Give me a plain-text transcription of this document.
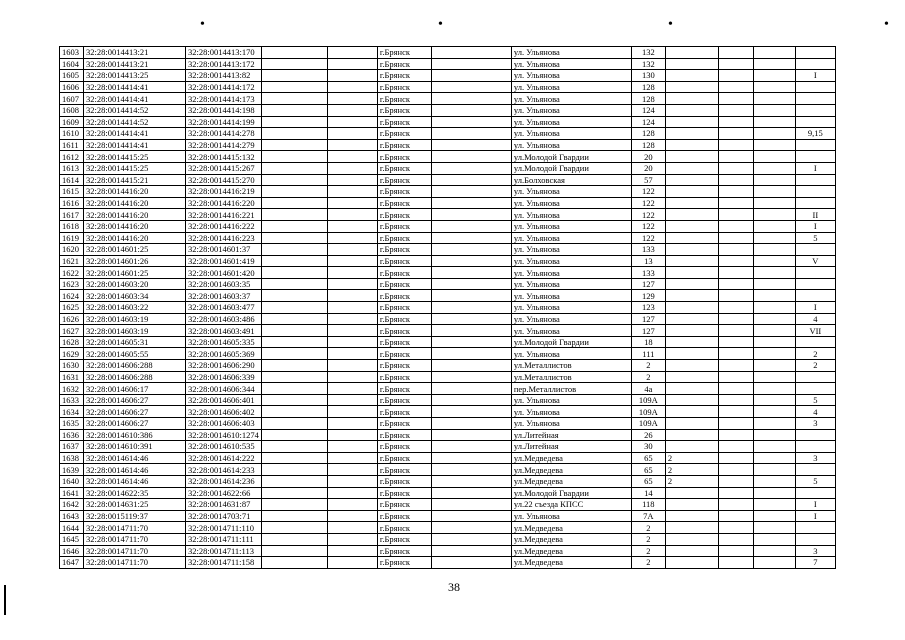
•	•	•	•
1603	32:28:0014413:21	32:28:0014413:170			г.Брянск		ул. Ульянова	132				
1604	32:28:0014413:21	32:28:0014413:172			г.Брянск		ул. Ульянова	132				
1605	32:28:0014413:25	32:28:0014413:82			г.Брянск		ул. Ульянова	130				I
1606	32:28:0014414:41	32:28:0014414:172			г.Брянск		ул. Ульянова	128				
1607	32:28:0014414:41	32:28:0014414:173			г.Брянск		ул. Ульянова	128				
1608	32:28:0014414:52	32:28:0014414:198			г.Брянск		ул. Ульянова	124				
1609	32:28:0014414:52	32:28:0014414:199			г.Брянск		ул. Ульянова	124				
1610	32:28:0014414:41	32:28:0014414:278			г.Брянск		ул. Ульянова	128				9,15
1611	32:28:0014414:41	32:28:0014414:279			г.Брянск		ул. Ульянова	128				
1612	32:28:0014415:25	32:28:0014415:132			г.Брянск		ул.Молодой Гвардии	20				
1613	32:28:0014415:25	32:28:0014415:267			г.Брянск		ул.Молодой Гвардии	20				I
1614	32:28:0014415:21	32:28:0014415:270			г.Брянск		ул.Болховская	57				
1615	32:28:0014416:20	32:28:0014416:219			г.Брянск		ул. Ульянова	122				
1616	32:28:0014416:20	32:28:0014416:220			г.Брянск		ул. Ульянова	122				
1617	32:28:0014416:20	32:28:0014416:221			г.Брянск		ул. Ульянова	122				II
1618	32:28:0014416:20	32:28:0014416:222			г.Брянск		ул. Ульянова	122				I
1619	32:28:0014416:20	32:28:0014416:223			г.Брянск		ул. Ульянова	122				5
1620	32:28:0014601:25	32:28:0014601:37			г.Брянск		ул. Ульянова	133				
1621	32:28:0014601:26	32:28:0014601:419			г.Брянск		ул. Ульянова	13				V
1622	32:28:0014601:25	32:28:0014601:420			г.Брянск		ул. Ульянова	133				
1623	32:28:0014603:20	32:28:0014603:35			г.Брянск		ул. Ульянова	127				
1624	32:28:0014603:34	32:28:0014603:37			г.Брянск		ул. Ульянова	129				
1625	32:28:0014603:22	32:28:0014603:477			г.Брянск		ул. Ульянова	123				I
1626	32:28:0014603:19	32:28:0014603:486			г.Брянск		ул. Ульянова	127				4
1627	32:28:0014603:19	32:28:0014603:491			г.Брянск		ул. Ульянова	127				VII
1628	32:28:0014605:31	32:28:0014605:335			г.Брянск		ул.Молодой Гвардии	18				
1629	32:28:0014605:55	32:28:0014605:369			г.Брянск		ул. Ульянова	111				2
1630	32:28:0014606:288	32:28:0014606:290			г.Брянск		ул.Металлистов	2				2
1631	32:28:0014606:288	32:28:0014606:339			г.Брянск		ул.Металлистов	2				
1632	32:28:0014606:17	32:28:0014606:344			г.Брянск		пер.Металлистов	4а				
1633	32:28:0014606:27	32:28:0014606:401			г.Брянск		ул. Ульянова	109А				5
1634	32:28:0014606:27	32:28:0014606:402			г.Брянск		ул. Ульянова	109А				4
1635	32:28:0014606:27	32:28:0014606:403			г.Брянск		ул. Ульянова	109А				3
1636	32:28:0014610:386	32:28:0014610:1274			г.Брянск		ул.Литейная	26				
1637	32:28:0014610:391	32:28:0014610:535			г.Брянск		ул.Литейная	30				
1638	32:28:0014614:46	32:28:0014614:222			г.Брянск		ул.Медведева	65	2			3
1639	32:28:0014614:46	32:28:0014614:233			г.Брянск		ул.Медведева	65	2			
1640	32:28:0014614:46	32:28:0014614:236			г.Брянск		ул.Медведева	65	2			5
1641	32:28:0014622:35	32:28:0014622:66			г.Брянск		ул.Молодой Гвардии	14				
1642	32:28:0014631:25	32:28:0014631:87			г.Брянск		ул.22 съезда КПСС	118				I
1643	32:28:0015119:37	32:28:0014703:71			г.Брянск		ул. Ульянова	7А				I
1644	32:28:0014711:70	32:28:0014711:110			г.Брянск		ул.Медведева	2				
1645	32:28:0014711:70	32:28:0014711:111			г.Брянск		ул.Медведева	2				
1646	32:28:0014711:70	32:28:0014711:113			г.Брянск		ул.Медведева	2				3
1647	32:28:0014711:70	32:28:0014711:158			г.Брянск		ул.Медведева	2				7
38
